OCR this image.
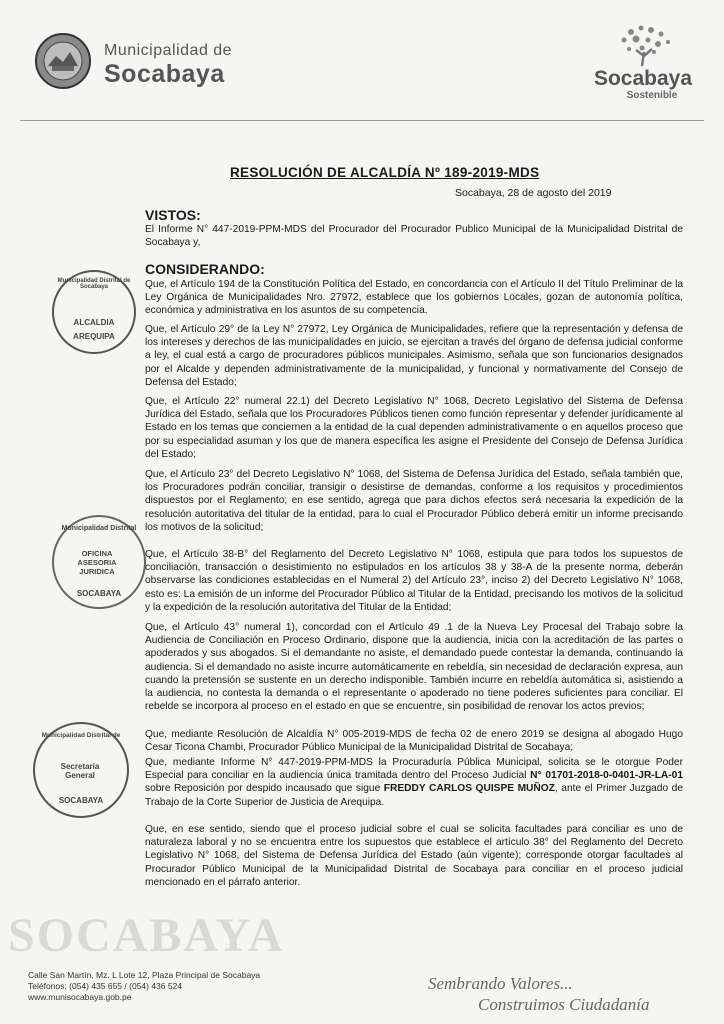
Municipalidad de
Socabaya	Socabaya
Sostenible
RESOLUCIÓN DE ALCALDÍA Nº 189-2019-MDS
Socabaya, 28 de agosto del 2019
VISTOS:
El Informe N° 447-2019-PPM-MDS del Procurador del Procurador Publico Municipal de la Municipalidad Distrital de Socabaya y,
CONSIDERANDO:
Que, el Artículo 194 de la Constitución Política del Estado, en concordancia con el Artículo II del Título Preliminar de la Ley Orgánica de Municipalidades Nro. 27972, establece que los gobiernos Locales, gozan de autonomía política, económica y administrativa en los asuntos de su competencia.
Que, el Artículo 29° de la Ley N° 27972, Ley Orgánica de Municipalidades, refiere que la representación y defensa de los intereses y derechos de las municipalidades en juicio, se ejercitan a través del órgano de defensa judicial conforme a ley, el cual está a cargo de procuradores públicos municipales. Asimismo, señala que son funcionarios designados por el Alcalde y dependen administrativamente de la municipalidad, y funcional y normativamente del Consejo de Defensa del Estado;
Que, el Artículo 22° numeral 22.1) del Decreto Legislativo N° 1068, Decreto Legislativo del Sistema de Defensa Jurídica del Estado, señala que los Procuradores Públicos tienen como función representar y defender jurídicamente al Estado en los temas que conciernen a la entidad de la cual dependen administrativamente o en aquellos proceso que por su especialidad asuman y los que de manera específica les asigne el Presidente del Consejo de Defensa Jurídica del Estado;
Que, el Artículo 23° del Decreto Legislativo N° 1068, del Sistema de Defensa Jurídica del Estado, señala también que, los Procuradores podrán conciliar, transigir o desistirse de demandas, conforme a los requisitos y procedimientos dispuestos por el Reglamento; en ese sentido, agrega que para dichos efectos será necesaria la expedición de la resolución autoritativa del titular de la entidad, para lo cual el Procurador Público deberá emitir un informe precisando los motivos de la solicitud;
Que, el Artículo 38-B° del Reglamento del Decreto Legislativo N° 1068, estipula que para todos los supuestos de conciliación, transacción o desistimiento no estipulados en los artículos 38 y 38-A de la presente norma, deberán observarse las condiciones establecidas en el Numeral 2) del Artículo 23°, inciso 2) del Decreto Legislativo N° 1068, esto es: La emisión de un informe del Procurador Público al Titular de la Entidad, precisando los motivos de la solicitud y la expedición de la resolución autoritativa del Titular de la Entidad;
Que, el Artículo 43° numeral 1), concordad con el Artículo 49 .1 de la Nueva Ley Procesal del Trabajo sobre la Audiencia de Conciliación en Proceso Ordinario, dispone que la audiencia, inicia con la acreditación de las partes o apoderados y sus abogados. Si el demandante no asiste, el demandado puede contestar la demanda, continuando la audiencia. Si el demandado no asiste incurre automáticamente en rebeldía, sin necesidad de declaración expresa, aun cuando la pretensión se sustente en un derecho indisponible. También incurre en rebeldía automática si, asistiendo a la audiencia, no contesta la demanda o el representante o apoderado no tiene poderes suficientes para conciliar. El rebelde se incorpora al proceso en el estado en que se encuentre, sin posibilidad de renovar los actos previos;
Que, mediante Resolución de Alcaldía N° 005-2019-MDS de fecha 02 de enero 2019 se designa al abogado Hugo Cesar Ticona Chambi, Procurador Público Municipal de la Municipalidad Distrital de Socabaya;
Que, mediante Informe N° 447-2019-PPM-MDS la Procuraduría Pública Municipal, solicita se le otorgue Poder Especial para conciliar en la audiencia única tramitada dentro del Proceso Judicial N° 01701-2018-0-0401-JR-LA-01 sobre Reposición por despido incausado que sigue FREDDY CARLOS QUISPE MUÑOZ, ante el Primer Juzgado de Trabajo de la Corte Superior de Justicia de Arequipa.
Que, en ese sentido, siendo que el proceso judicial sobre el cual se solicita facultades para conciliar es uno de naturaleza laboral y no se encuentra entre los supuestos que establece el artículo 38° del Reglamento del Decreto Legislativo N° 1068, del Sistema de Defensa Jurídica del Estado (aún vigente); corresponde otorgar facultades al Procurador Público Municipal de la Municipalidad Distrital de Socabaya para conciliar en el proceso judicial mencionado en el párrafo anterior.
Municipalidad Distrital de Socabaya
ALCALDIA
AREQUIPA
Municipalidad Distrital
OFICINA ASESORIA JURIDICA
SOCABAYA
Municipalidad Distrital de
Secretaria General
SOCABAYA
SOCABAYA
Calle San Martín, Mz. L Lote 12, Plaza Principal de Socabaya
Teléfonos: (054) 435 655 / (054) 436 524
www.munisocabaya.gob.pe
Sembrando Valores...
Construimos Ciudadanía
